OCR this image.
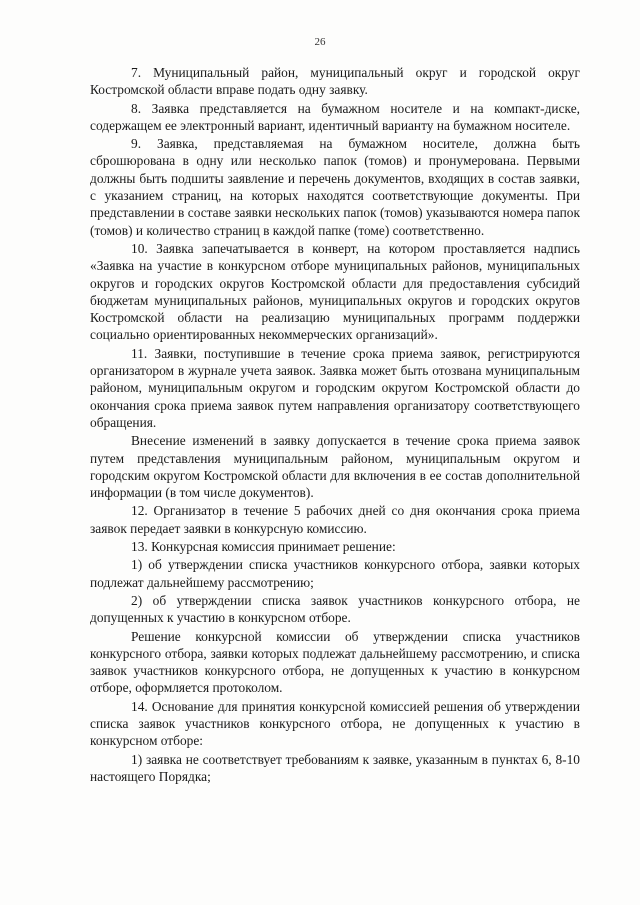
26

7. Муниципальный район, муниципальный округ и городской округ Костромской области вправе подать одну заявку.

8. Заявка представляется на бумажном носителе и на компакт-диске, содержащем ее электронный вариант, идентичный варианту на бумажном носителе.

9. Заявка, представляемая на бумажном носителе, должна быть сброшюрована в одну или несколько папок (томов) и пронумерована. Первыми должны быть подшиты заявление и перечень документов, входящих в состав заявки, с указанием страниц, на которых находятся соответствующие документы. При представлении в составе заявки нескольких папок (томов) указываются номера папок (томов) и количество страниц в каждой папке (томе) соответственно.

10. Заявка запечатывается в конверт, на котором проставляется надпись «Заявка на участие в конкурсном отборе муниципальных районов, муниципальных округов и городских округов Костромской области для предоставления субсидий бюджетам муниципальных районов, муниципальных округов и городских округов Костромской области на реализацию муниципальных программ поддержки социально ориентированных некоммерческих организаций».

11. Заявки, поступившие в течение срока приема заявок, регистрируются организатором в журнале учета заявок. Заявка может быть отозвана муниципальным районом, муниципальным округом и городским округом Костромской области до окончания срока приема заявок путем направления организатору соответствующего обращения.

Внесение изменений в заявку допускается в течение срока приема заявок путем представления муниципальным районом, муниципальным округом и городским округом Костромской области для включения в ее состав дополнительной информации (в том числе документов).

12. Организатор в течение 5 рабочих дней со дня окончания срока приема заявок передает заявки в конкурсную комиссию.

13. Конкурсная комиссия принимает решение:

1) об утверждении списка участников конкурсного отбора, заявки которых подлежат дальнейшему рассмотрению;

2) об утверждении списка заявок участников конкурсного отбора, не допущенных к участию в конкурсном отборе.

Решение конкурсной комиссии об утверждении списка участников конкурсного отбора, заявки которых подлежат дальнейшему рассмотрению, и списка заявок участников конкурсного отбора, не допущенных к участию в конкурсном отборе, оформляется протоколом.

14. Основание для принятия конкурсной комиссией решения об утверждении списка заявок участников конкурсного отбора, не допущенных к участию в конкурсном отборе:

1) заявка не соответствует требованиям к заявке, указанным в пунктах 6, 8-10 настоящего Порядка;
